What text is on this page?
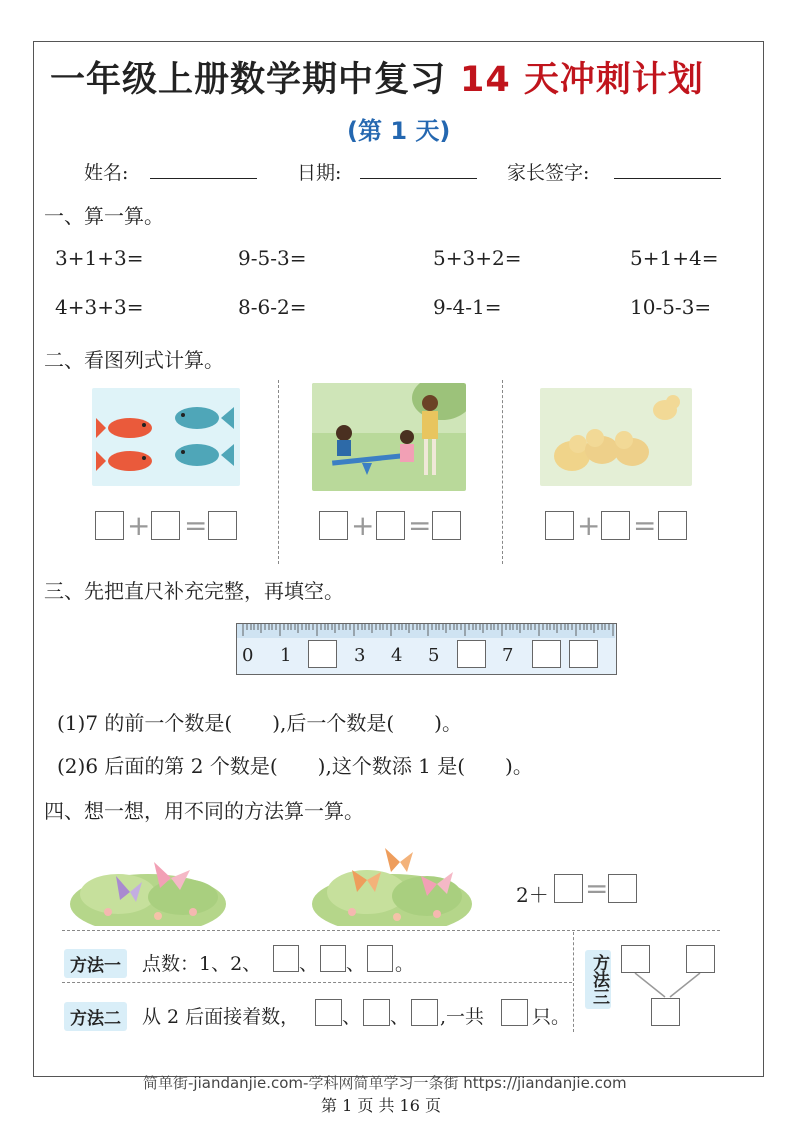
一年级上册数学期中复习 14 天冲刺计划
(第 1 天)
姓名:	日期:	家长签字:
一、算一算。
3+1+3=	9-5-3=	5+3+2=	5+1+4=
4+3+3=	8-6-2=	9-4-1=	10-5-3=
二、看图列式计算。
+ =	+ =	+ =
三、先把直尺补充完整，再填空。
0 1	3 4 5	7
(1)7 的前一个数是(　　),后一个数是(　　)。
(2)6 后面的第 2 个数是(　　),这个数添 1 是(　　)。
四、想一想，用不同的方法算一算。
2＋ =
方法一	点数：1、2、 、 、 。
方法二	从 2 后面接着数， 、 、 ,一共	只。
方法三
简单街-jiandanjie.com-学科网简单学习一条街 https://jiandanjie.com
第 1 页 共 16 页
